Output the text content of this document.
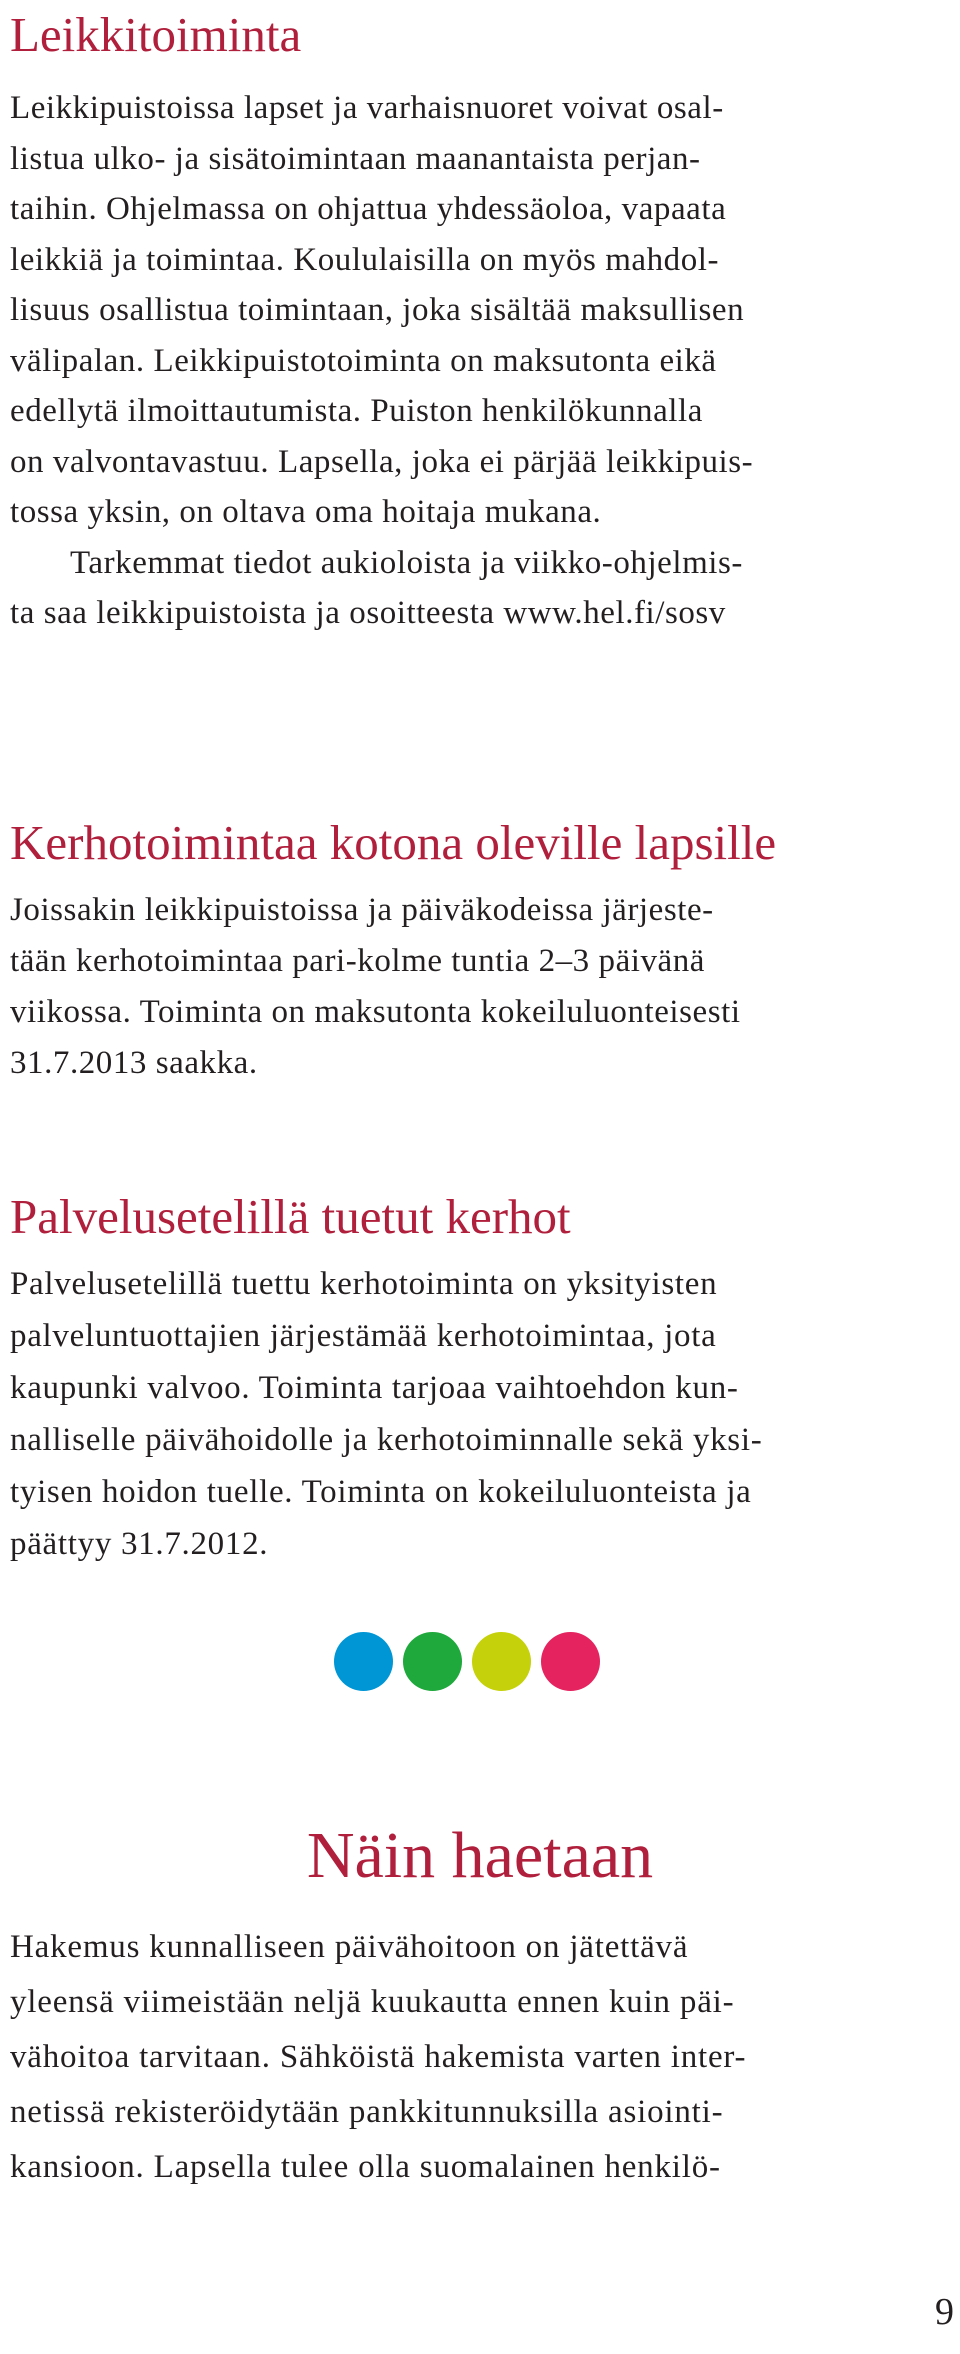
Leikkitoiminta
Leikkipuistoissa lapset ja varhaisnuoret voivat osal-
listua ulko- ja sisätoimintaan maanantaista perjan-
taihin. Ohjelmassa on ohjattua yhdessäoloa, vapaata
leikkiä ja toimintaa. Koululaisilla on myös mahdol-
lisuus osallistua toimintaan, joka sisältää maksullisen
välipalan. Leikkipuistotoiminta on maksutonta eikä
edellytä ilmoittautumista. Puiston henkilökunnalla
on valvontavastuu. Lapsella, joka ei pärjää leikkipuis-
tossa yksin, on oltava oma hoitaja mukana.
Tarkemmat tiedot aukioloista ja viikko-ohjelmis-
ta saa leikkipuistoista ja osoitteesta www.hel.fi/sosv
Kerhotoimintaa kotona oleville lapsille
Joissakin leikkipuistoissa ja päiväkodeissa järjeste-
tään kerhotoimintaa pari-kolme tuntia 2–3 päivänä
viikossa. Toiminta on maksutonta kokeiluluonteisesti
31.7.2013 saakka.
Palvelusetelillä tuetut kerhot
Palvelusetelillä tuettu kerhotoiminta on yksityisten
palveluntuottajien järjestämää kerhotoimintaa, jota
kaupunki valvoo. Toiminta tarjoaa vaihtoehdon kun-
nalliselle päivähoidolle ja kerhotoiminnalle sekä yksi-
tyisen hoidon tuelle. Toiminta on kokeiluluonteista ja
päättyy 31.7.2012.
Näin haetaan
Hakemus kunnalliseen päivähoitoon on jätettävä
yleensä viimeistään neljä kuukautta ennen kuin päi-
vähoitoa tarvitaan. Sähköistä hakemista varten inter-
netissä rekisteröidytään pankkitunnuksilla asiointi-
kansioon. Lapsella tulee olla suomalainen henkilö-

9
